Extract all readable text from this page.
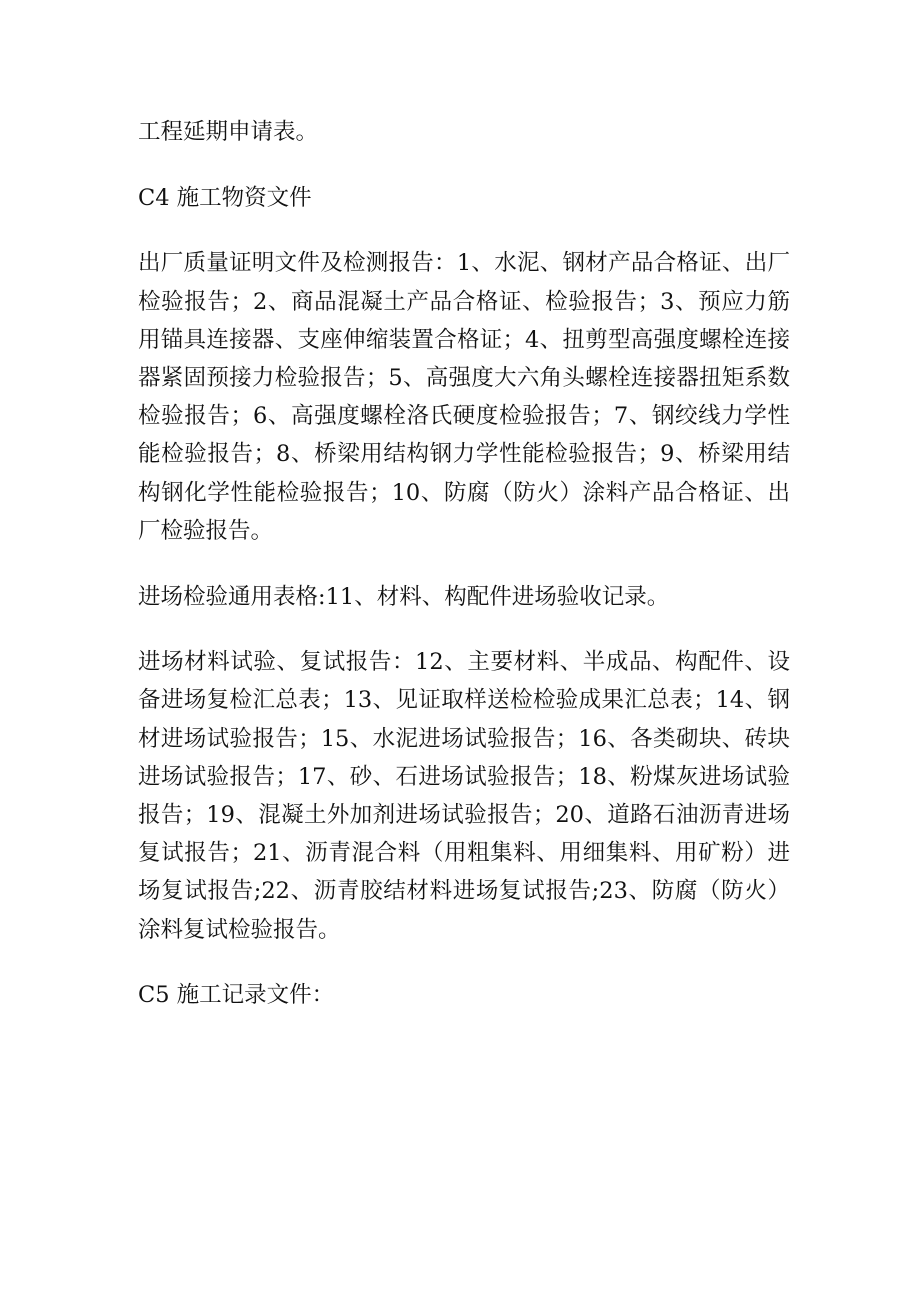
工程延期申请表。

C4 施工物资文件

出厂质量证明文件及检测报告：1、水泥、钢材产品合格证、出厂检验报告；2、商品混凝土产品合格证、检验报告；3、预应力筋用锚具连接器、支座伸缩装置合格证；4、扭剪型高强度螺栓连接器紧固预接力检验报告；5、高强度大六角头螺栓连接器扭矩系数检验报告；6、高强度螺栓洛氏硬度检验报告；7、钢绞线力学性能检验报告；8、桥梁用结构钢力学性能检验报告；9、桥梁用结构钢化学性能检验报告；10、防腐（防火）涂料产品合格证、出厂检验报告。

进场检验通用表格:11、材料、构配件进场验收记录。

进场材料试验、复试报告：12、主要材料、半成品、构配件、设备进场复检汇总表；13、见证取样送检检验成果汇总表；14、钢材进场试验报告；15、水泥进场试验报告；16、各类砌块、砖块进场试验报告；17、砂、石进场试验报告；18、粉煤灰进场试验报告；19、混凝土外加剂进场试验报告；20、道路石油沥青进场复试报告；21、沥青混合料（用粗集料、用细集料、用矿粉）进场复试报告;22、沥青胶结材料进场复试报告;23、防腐（防火）涂料复试检验报告。

C5 施工记录文件：
